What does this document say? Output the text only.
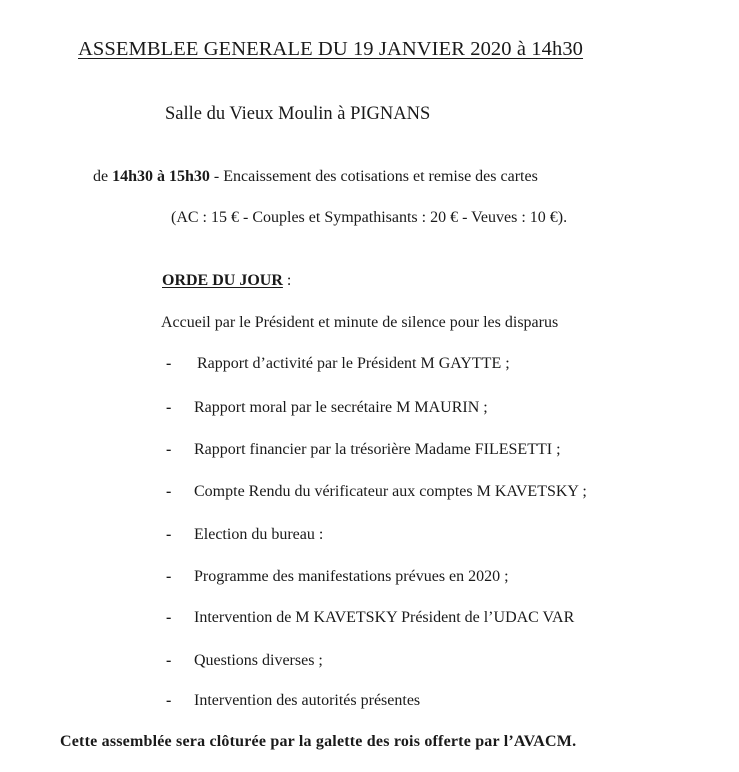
ASSEMBLEE GENERALE DU 19 JANVIER 2020 à 14h30
Salle du Vieux Moulin à PIGNANS
de 14h30 à 15h30 - Encaissement des cotisations et remise des cartes
(AC : 15 € - Couples et Sympathisants : 20 € - Veuves : 10 €).
ORDE DU JOUR :
Accueil par le Président et minute de silence pour les disparus
- Rapport d’activité par le Président M GAYTTE ;
- Rapport moral par le secrétaire M MAURIN ;
- Rapport financier par la trésorière Madame FILESETTI ;
- Compte Rendu du vérificateur aux comptes M KAVETSKY ;
- Election du bureau :
- Programme des manifestations prévues en 2020 ;
- Intervention de M KAVETSKY Président de l’UDAC VAR
- Questions diverses ;
- Intervention des autorités présentes
Cette assemblée sera clôturée par la galette des rois offerte par l’AVACM.
